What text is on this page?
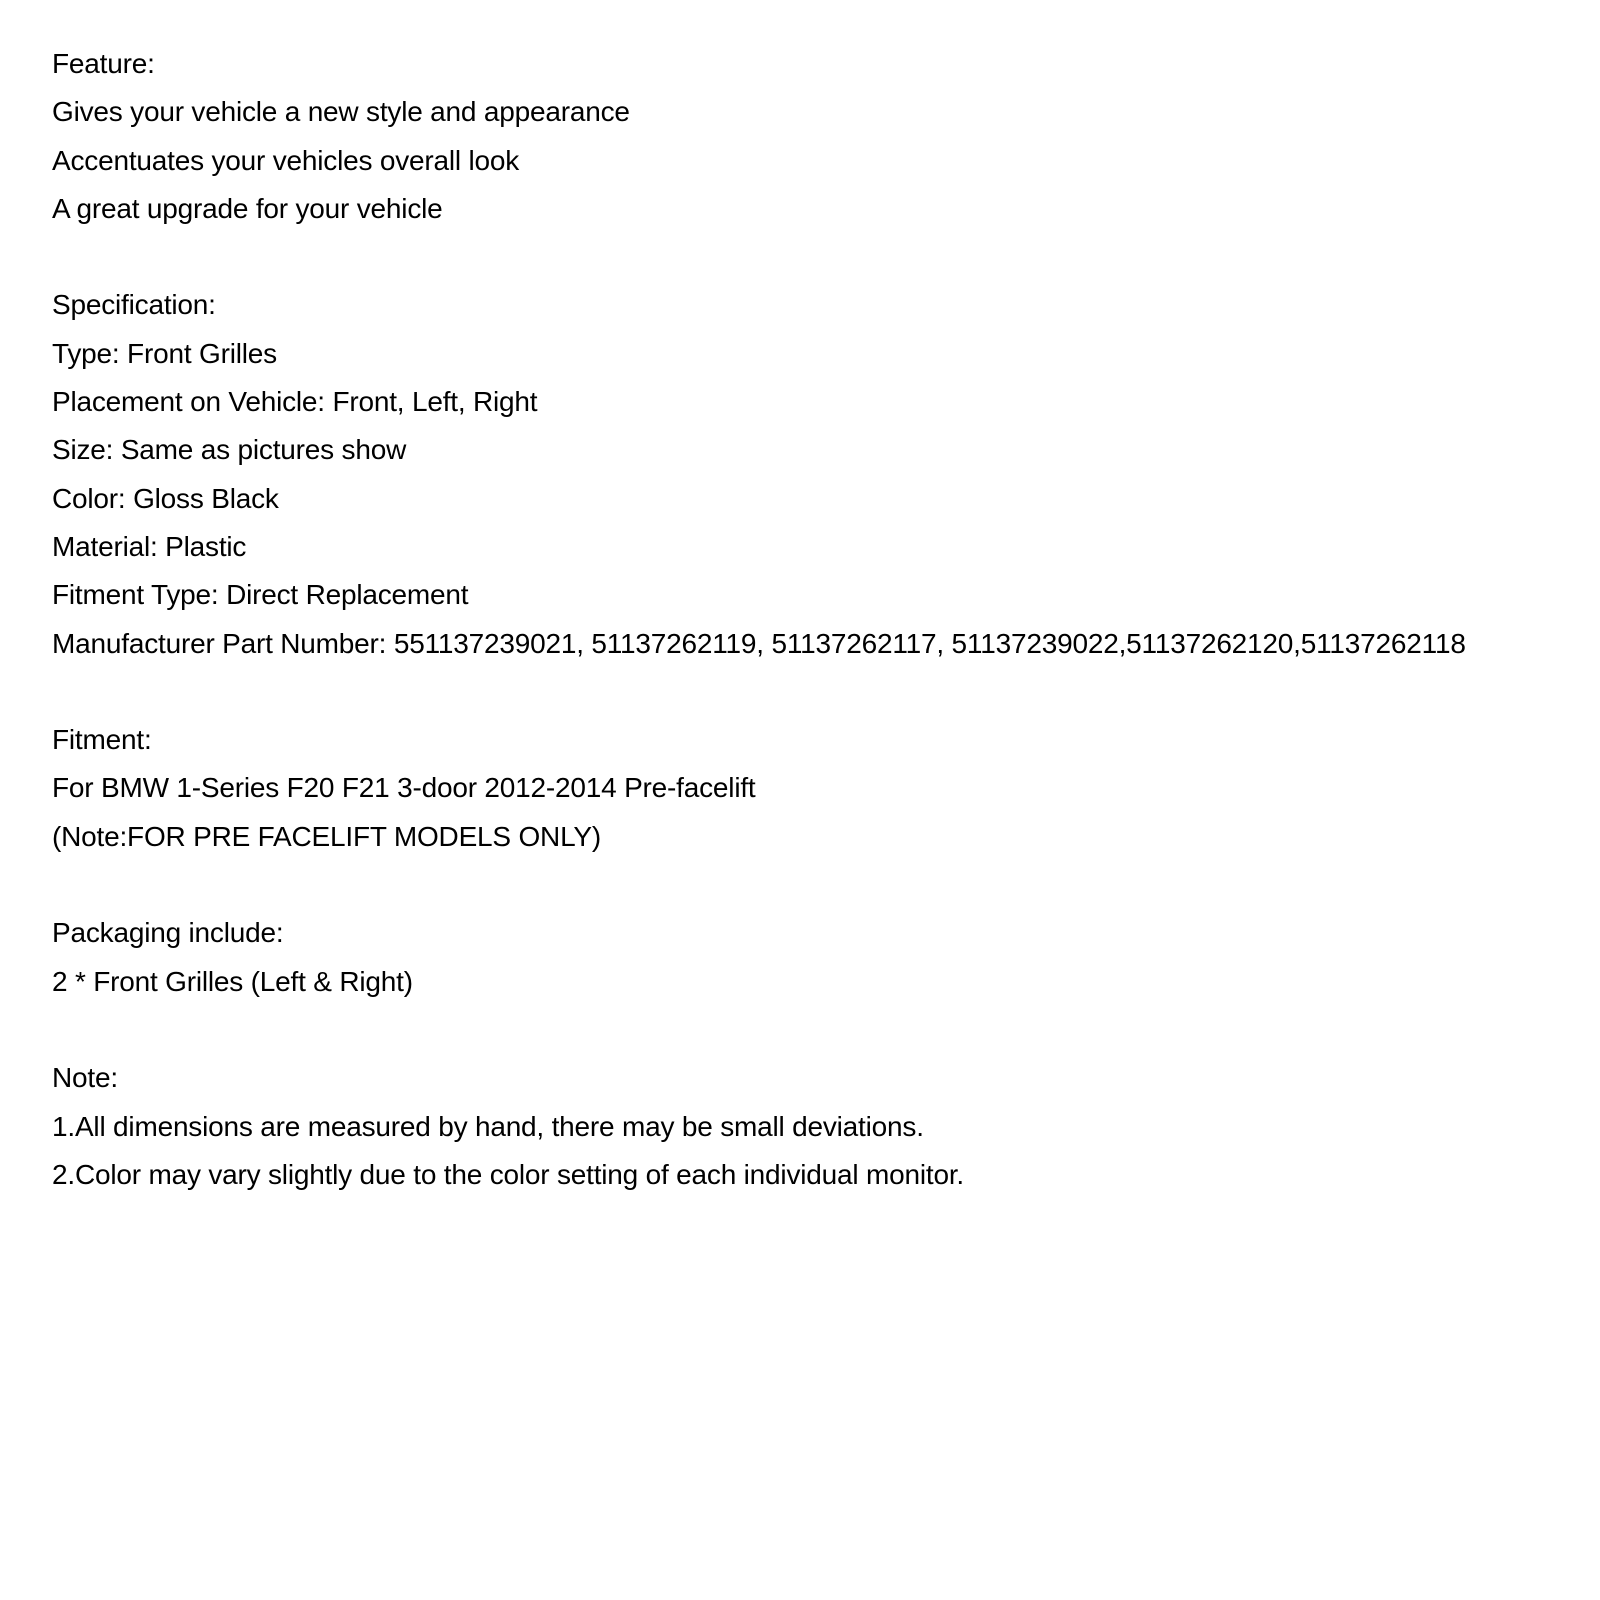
Feature:
Gives your vehicle a new style and appearance
Accentuates your vehicles overall look
A great upgrade for your vehicle
Specification:
Type: Front Grilles
Placement on Vehicle: Front, Left, Right
Size: Same as pictures show
Color: Gloss Black
Material: Plastic
Fitment Type: Direct Replacement
Manufacturer Part Number: 551137239021, 51137262119, 51137262117, 51137239022,51137262120,51137262118
Fitment:
For BMW 1-Series F20 F21 3-door 2012-2014 Pre-facelift
(Note:FOR PRE FACELIFT MODELS ONLY)
Packaging include:
2 * Front Grilles (Left & Right)
Note:
1.All dimensions are measured by hand, there may be small deviations.
2.Color may vary slightly due to the color setting of each individual monitor.
